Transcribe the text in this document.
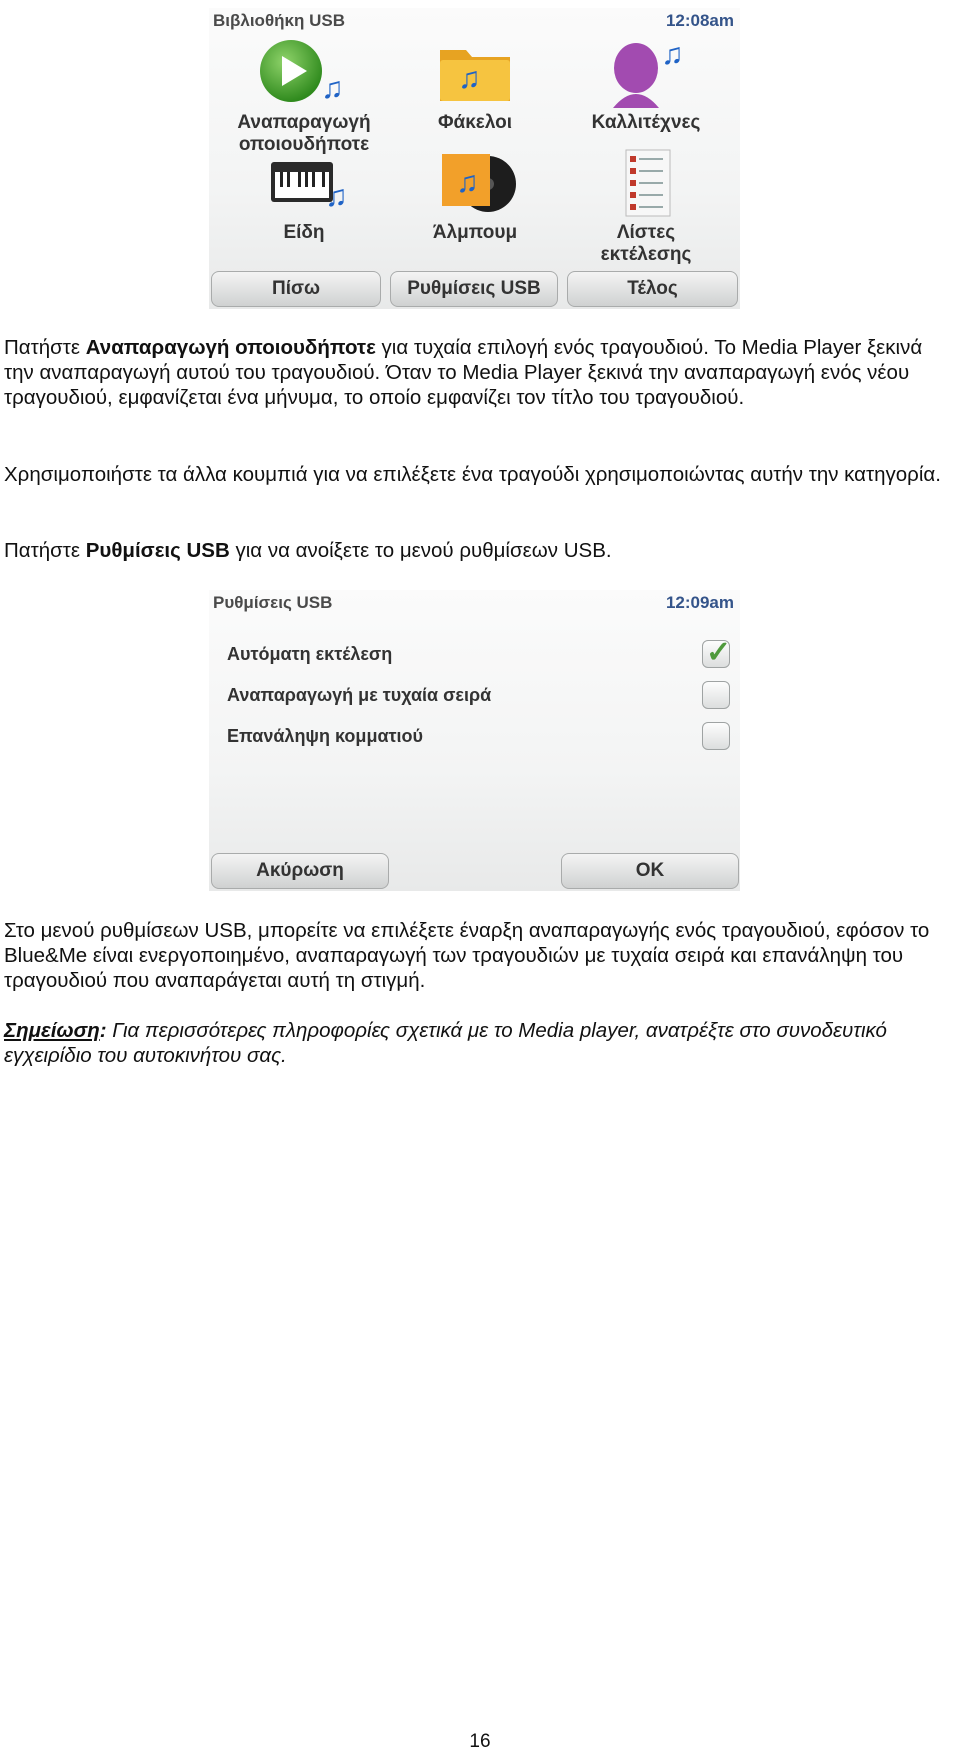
Βιβλιοθήκη USB	12:08am
♫
Αναπαραγωγή
οποιουδήποτε
♫
Φάκελοι
♫
Καλλιτέχνες
♫
Είδη
♫
Άλμπουμ	Λίστες
εκτέλεσης
Πίσω	Ρυθμίσεις USB	Τέλος

Πατήστε Αναπαραγωγή οποιουδήποτε για τυχαία επιλογή ενός τραγουδιού. Το Media Player ξεκινά την αναπαραγωγή αυτού του τραγουδιού. Όταν το Media Player ξεκινά την αναπαραγωγή ενός νέου τραγουδιού, εμφανίζεται ένα μήνυμα, το οποίο εμφανίζει τον τίτλο του τραγουδιού.

Χρησιμοποιήστε τα άλλα κουμπιά για να επιλέξετε ένα τραγούδι χρησιμοποιώντας αυτήν την κατηγορία.

Πατήστε Ρυθμίσεις USB για να ανοίξετε το μενού ρυθμίσεων USB.

Ρυθμίσεις USB	12:09am
Αυτόματη εκτέλεση	✓
Αναπαραγωγή με τυχαία σειρά
Επανάληψη κομματιού
Ακύρωση	OK

Στο μενού ρυθμίσεων USB, μπορείτε να επιλέξετε έναρξη αναπαραγωγής ενός τραγουδιού, εφόσον το Blue&Me είναι ενεργοποιημένο, αναπαραγωγή των τραγουδιών με τυχαία σειρά και επανάληψη του τραγουδιού που αναπαράγεται αυτή τη στιγμή.

Σημείωση: Για περισσότερες πληροφορίες σχετικά με το Media player, ανατρέξτε στο συνοδευτικό εγχειρίδιο του αυτοκινήτου σας.

16
